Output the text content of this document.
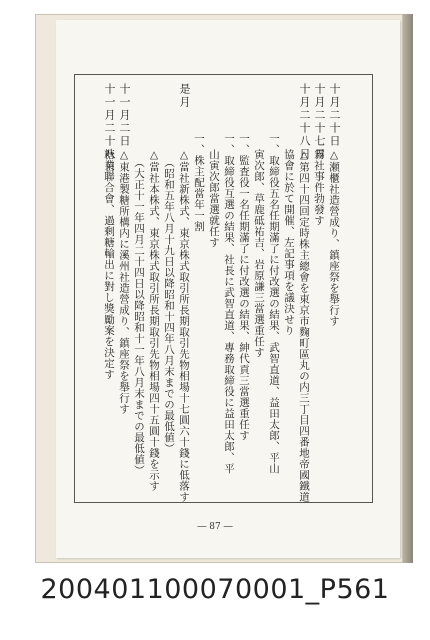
十月二十日
△瀬櫃社造營成り、鎮座祭を舉行す
十月二十七日
霧社事件勃發す
十月二十八日
△第四十四回定時株主總會を東京市麴町區丸の内三丁目四番地帝國鐵道
協會に於て開催、左記事項を議決せり
一、取締役五名任期滿了に付改選の結果、武智直道、益田太郎、平山
寅次郎、草鹿砥祐吉、岩原謙三當選重任す
一、監査役一名任期滿了に付改選の結果、紳代貢三當選重任す
一、取締役互選の結果、社長に武智直道、專務取締役に益田太郎、平
山寅次郎當選就任す
一、株主配當年一割
是月
△當社新株式、東京株式取引所長期取引先物相場十七圓六十錢に低落す
（昭和五年八月十九日以降昭和十四年八月末までの最低値）
△當社本株式、東京株式取引所長期取引先物相場四十五圓十錢を示す
（大正十一年四月二十四日以降昭和十一年八月末までの最低値）
十一月二日
△東港製糖所構内に溪州社造營成り、鎮座祭を舉行す
十一月二十八日
糖業聯合會、過剩糖輸出に對し獎勵案を決定す
― 87 ―
200401100070001_P561
